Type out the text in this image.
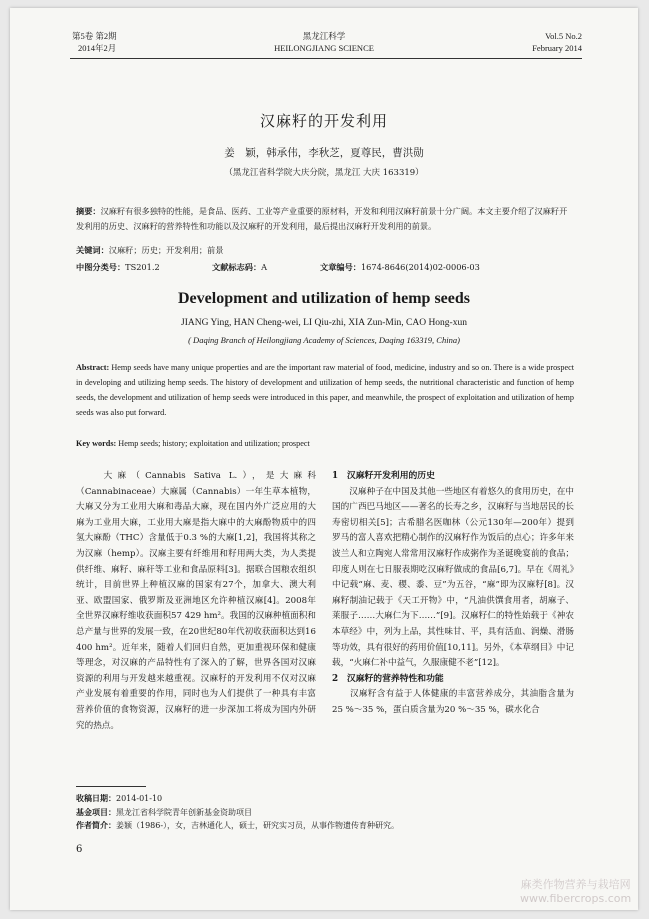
第5卷 第2期
2014年2月
黑龙江科学
HEILONGJIANG SCIENCE
Vol.5 No.2
February 2014
汉麻籽的开发利用
姜　颖，韩承伟，李秋芝，夏尊民，曹洪勋
（黑龙江省科学院大庆分院，黑龙江 大庆 163319）
摘要：汉麻籽有很多独特的性能，是食品、医药、工业等产业重要的原材料，开发和利用汉麻籽前景十分广阔。本文主要介绍了汉麻籽开发利用的历史、汉麻籽的营养特性和功能以及汉麻籽的开发利用，最后提出汉麻籽开发利用的前景。
关键词：汉麻籽；历史；开发利用；前景
中图分类号：TS201.2	文献标志码：A	文章编号：1674-8646(2014)02-0006-03
Development and utilization of hemp seeds
JIANG Ying, HAN Cheng-wei, LI Qiu-zhi, XIA Zun-Min, CAO Hong-xun
( Daqing Branch of Heilongjiang Academy of Sciences, Daqing 163319, China)
Abstract: Hemp seeds have many unique properties and are the important raw material of food, medicine, industry and so on. There is a wide prospect in developing and utilizing hemp seeds. The history of development and utilization of hemp seeds, the nutritional characteristic and function of hemp seeds, the development and utilization of hemp seeds were introduced in this paper, and meanwhile, the prospect of exploitation and utilization of hemp seeds was also put forward.
Key words: Hemp seeds; history; exploitation and utilization; prospect

　　大麻（Cannabis Sativa L.），是大麻科（Cannabinaceae）大麻属（Cannabis）一年生草本植物，大麻又分为工业用大麻和毒品大麻，现在国内外广泛应用的大麻为工业用大麻，工业用大麻是指大麻中的大麻酚物质中的四氢大麻酚（THC）含量低于0.3 %的大麻[1,2]，我国将其称之为汉麻（hemp）。汉麻主要有纤维用和籽用两大类，为人类提供纤维、麻籽、麻秆等工业和食品原料[3]。据联合国粮农组织统计，目前世界上种植汉麻的国家有27个，加拿大、澳大利亚、欧盟国家、俄罗斯及亚洲地区允许种植汉麻[4]。2008年全世界汉麻籽维收获面积57 429 hm²。我国的汉麻种植面积和总产量与世界的发展一致，在20世纪80年代初收获面积达到16 400 hm²。近年来，随着人们回归自然，更加重视环保和健康等理念，对汉麻的产品特性有了深入的了解，世界各国对汉麻资源的利用与开发越来越重视。汉麻籽的开发利用不仅对汉麻产业发展有着重要的作用，同时也为人们提供了一种具有丰富营养价值的食物资源，汉麻籽的进一步深加工将成为国内外研究的热点。

1　汉麻籽开发利用的历史

　　汉麻种子在中国及其他一些地区有着悠久的食用历史，在中国的广西巴马地区——著名的长寿之乡，汉麻籽与当地居民的长寿密切相关[5]；古希腊名医咖林（公元130年—200年）提到罗马的富人喜欢把精心制作的汉麻籽作为饭后的点心；许多年来波兰人和立陶宛人常常用汉麻籽作成粥作为圣诞晚宴前的食品；印度人则在七日服表期吃汉麻籽做成的食品[6,7]。早在《周礼》中记载“麻、麦、稷、黍、豆”为五谷，“麻”即为汉麻籽[8]。汉麻籽制油记载于《天工开物》中，“凡油供馔食用者，胡麻子、莱服子……大麻仁为下……”[9]。汉麻籽仁的特性始载于《神农本草经》中，列为上品，其性味甘、平，具有活血、润燥、滑肠等功效，具有很好的药用价值[10,11]。另外，《本草纲目》中记载，“火麻仁补中益气，久服康健不老”[12]。

2　汉麻籽的营养特性和功能

　　汉麻籽含有益于人体健康的丰富营养成分，其油脂含量为25 %～35 %，蛋白质含量为20 %～35 %，碳水化合

收稿日期：2014-01-10
基金项目：黑龙江省科学院青年创新基金资助项目
作者简介：姜颖（1986-），女，吉林通化人，硕士，研究实习员，从事作物遗传育种研究。
6
麻类作物营养与栽培网
www.fibercrops.com
